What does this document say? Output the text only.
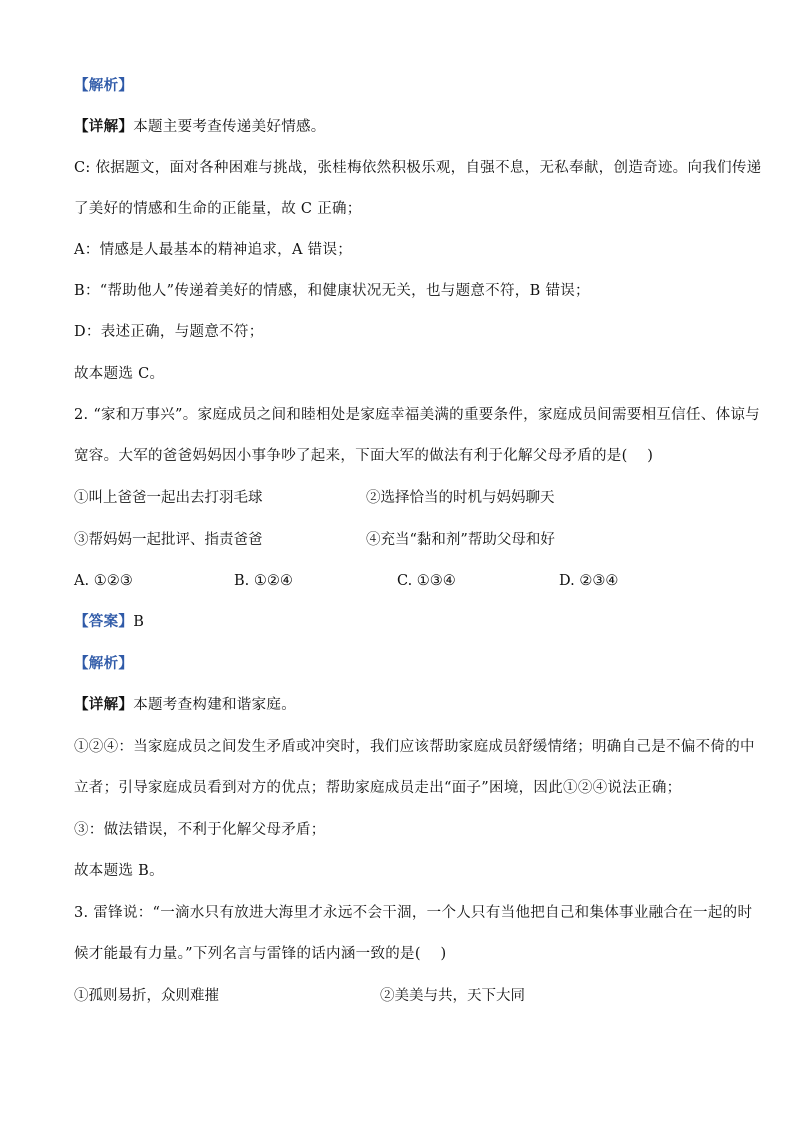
【解析】
【详解】本题主要考查传递美好情感。
C: 依据题文，面对各种困难与挑战，张桂梅依然积极乐观，自强不息，无私奉献，创造奇迹。向我们传递
了美好的情感和生命的正能量，故 C 正确；
A：情感是人最基本的精神追求，A 错误；
B：“帮助他人”传递着美好的情感，和健康状况无关，也与题意不符，B 错误；
D：表述正确，与题意不符；
故本题选 C。
2. “家和万事兴”。家庭成员之间和睦相处是家庭幸福美满的重要条件，家庭成员间需要相互信任、体谅与
宽容。大军的爸爸妈妈因小事争吵了起来，下面大军的做法有利于化解父母矛盾的是(　 )
①叫上爸爸一起出去打羽毛球	②选择恰当的时机与妈妈聊天
③帮妈妈一起批评、指责爸爸	④充当“黏和剂”帮助父母和好
A. ①②③	B. ①②④	C. ①③④	D. ②③④
【答案】B
【解析】
【详解】本题考查构建和谐家庭。
①②④：当家庭成员之间发生矛盾或冲突时，我们应该帮助家庭成员舒缓情绪；明确自己是不偏不倚的中
立者；引导家庭成员看到对方的优点；帮助家庭成员走出“面子”困境，因此①②④说法正确；
③：做法错误，不利于化解父母矛盾；
故本题选 B。
3. 雷锋说：“一滴水只有放进大海里才永远不会干涸，一个人只有当他把自己和集体事业融合在一起的时
候才能最有力量。”下列名言与雷锋的话内涵一致的是(　 )
①孤则易折，众则难摧	②美美与共，天下大同
